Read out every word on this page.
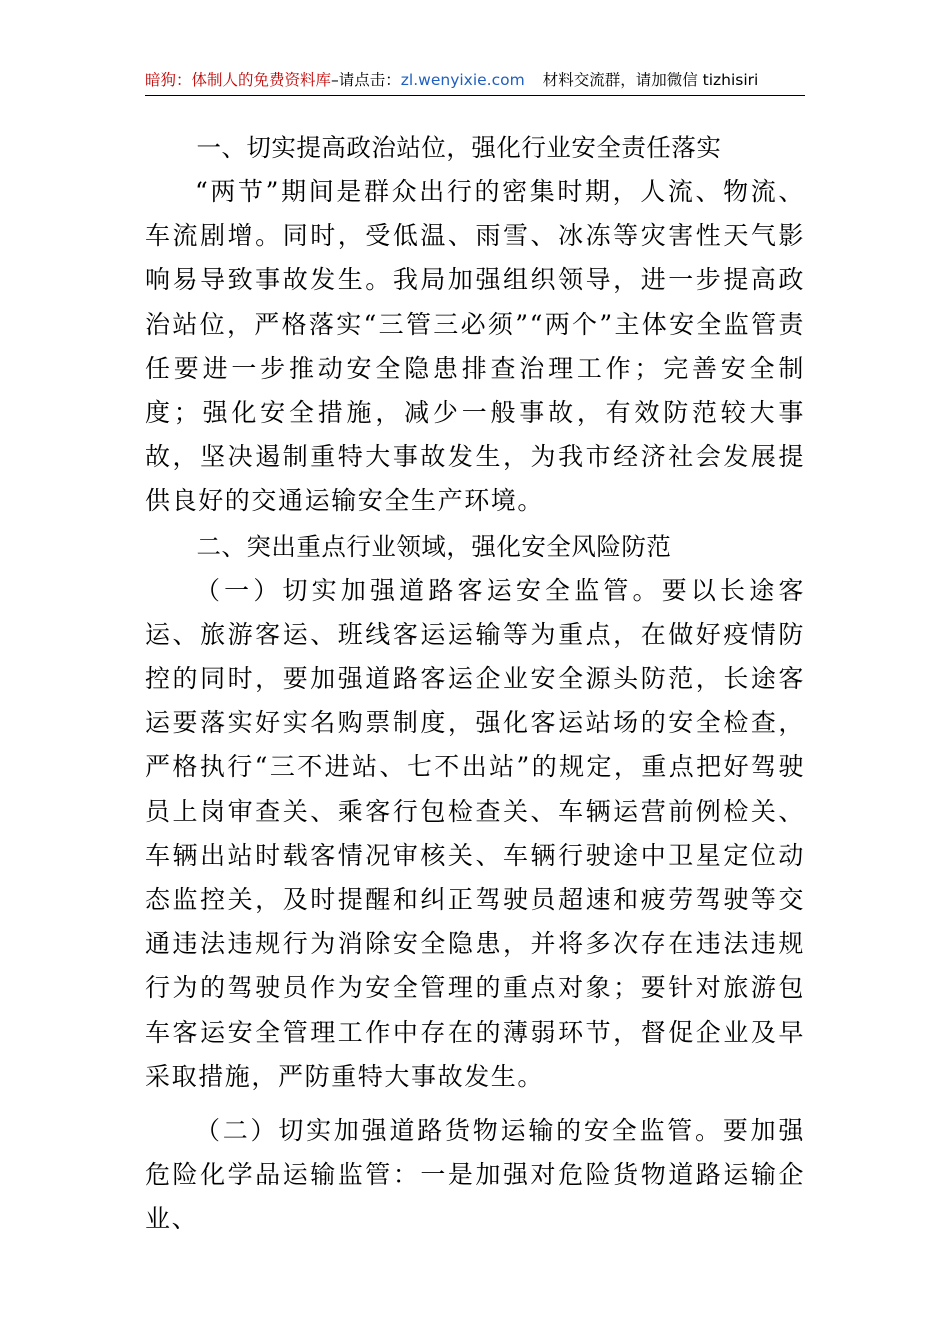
暗狗：体制人的免费资料库–请点击：zl.wenyixie.com 材料交流群，请加微信 tizhisiri
一、切实提高政治站位，强化行业安全责任落实

“两节”期间是群众出行的密集时期，人流、物流、车流剧增。同时，受低温、雨雪、冰冻等灾害性天气影响易导致事故发生。我局加强组织领导，进一步提高政治站位，严格落实“三管三必须”“两个”主体安全监管责任要进一步推动安全隐患排查治理工作；完善安全制度；强化安全措施，减少一般事故，有效防范较大事故，坚决遏制重特大事故发生，为我市经济社会发展提供良好的交通运输安全生产环境。

二、突出重点行业领域，强化安全风险防范

（一）切实加强道路客运安全监管。要以长途客运、旅游客运、班线客运运输等为重点，在做好疫情防控的同时，要加强道路客运企业安全源头防范，长途客运要落实好实名购票制度，强化客运站场的安全检查，严格执行“三不进站、七不出站”的规定，重点把好驾驶员上岗审查关、乘客行包检查关、车辆运营前例检关、车辆出站时载客情况审核关、车辆行驶途中卫星定位动态监控关，及时提醒和纠正驾驶员超速和疲劳驾驶等交通违法违规行为消除安全隐患，并将多次存在违法违规行为的驾驶员作为安全管理的重点对象；要针对旅游包车客运安全管理工作中存在的薄弱环节，督促企业及早采取措施，严防重特大事故发生。

（二）切实加强道路货物运输的安全监管。要加强危险化学品运输监管：一是加强对危险货物道路运输企业、
